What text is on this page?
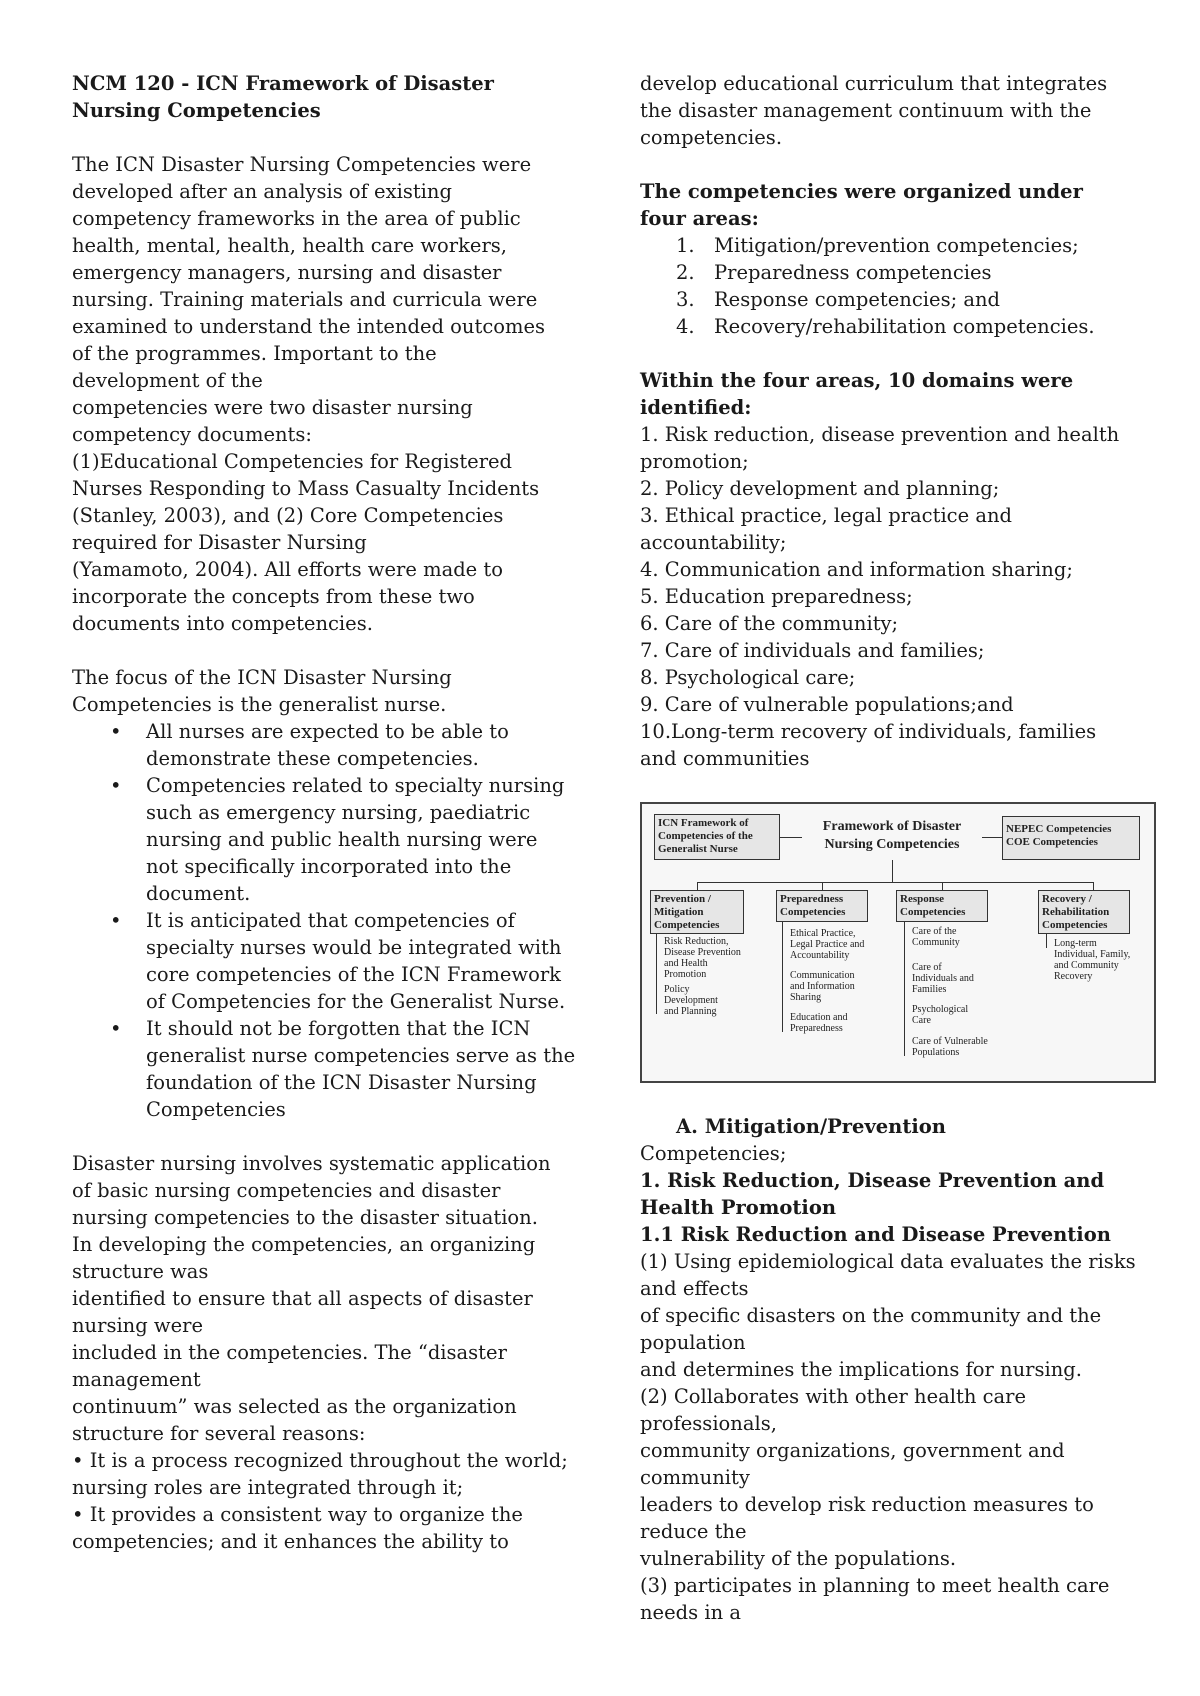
NCM 120 - ICN Framework of Disaster
Nursing Competencies
The ICN Disaster Nursing Competencies were
developed after an analysis of existing
competency frameworks in the area of public
health, mental, health, health care workers,
emergency managers, nursing and disaster
nursing. Training materials and curricula were
examined to understand the intended outcomes
of the programmes. Important to the
development of the
competencies were two disaster nursing
competency documents:
(1)Educational Competencies for Registered
Nurses Responding to Mass Casualty Incidents
(Stanley, 2003), and (2) Core Competencies
required for Disaster Nursing
(Yamamoto, 2004). All efforts were made to
incorporate the concepts from these two
documents into competencies.
The focus of the ICN Disaster Nursing
Competencies is the generalist nurse.
• All nurses are expected to be able to
demonstrate these competencies.
• Competencies related to specialty nursing
such as emergency nursing, paediatric
nursing and public health nursing were
not specifically incorporated into the
document.
• It is anticipated that competencies of
specialty nurses would be integrated with
core competencies of the ICN Framework
of Competencies for the Generalist Nurse.
• It should not be forgotten that the ICN
generalist nurse competencies serve as the
foundation of the ICN Disaster Nursing
Competencies
Disaster nursing involves systematic application
of basic nursing competencies and disaster
nursing competencies to the disaster situation.
In developing the competencies, an organizing
structure was
identified to ensure that all aspects of disaster
nursing were
included in the competencies. The “disaster
management
continuum” was selected as the organization
structure for several reasons:
• It is a process recognized throughout the world;
nursing roles are integrated through it;
• It provides a consistent way to organize the
competencies; and it enhances the ability to
develop educational curriculum that integrates
the disaster management continuum with the
competencies.
The competencies were organized under
four areas:
1. Mitigation/prevention competencies;
2. Preparedness competencies
3. Response competencies; and
4. Recovery/rehabilitation competencies.
Within the four areas, 10 domains were
identified:
1. Risk reduction, disease prevention and health
promotion;
2. Policy development and planning;
3. Ethical practice, legal practice and
accountability;
4. Communication and information sharing;
5. Education preparedness;
6. Care of the community;
7. Care of individuals and families;
8. Psychological care;
9. Care of vulnerable populations;and
10.Long-term recovery of individuals, families
and communities
ICN Framework of
Competencies of the
Generalist Nurse
Framework of Disaster
Nursing Competencies
NEPEC Competencies
COE Competencies
Prevention /
Mitigation
Competencies
Preparedness
Competencies
Response
Competencies
Recovery /
Rehabilitation
Competencies
Risk Reduction,
Disease Prevention
and Health
Promotion
Policy
Development
and Planning
Ethical Practice,
Legal Practice and
Accountability
Communication
and Information
Sharing
Education and
Preparedness
Care of the
Community
Care of
Individuals and
Families
Psychological
Care
Care of Vulnerable
Populations
Long-term
Individual, Family,
and Community
Recovery
A. Mitigation/Prevention
Competencies;
1. Risk Reduction, Disease Prevention and
Health Promotion
1.1 Risk Reduction and Disease Prevention
(1) Using epidemiological data evaluates the risks
and effects
of specific disasters on the community and the
population
and determines the implications for nursing.
(2) Collaborates with other health care
professionals,
community organizations, government and
community
leaders to develop risk reduction measures to
reduce the
vulnerability of the populations.
(3) participates in planning to meet health care
needs in a
